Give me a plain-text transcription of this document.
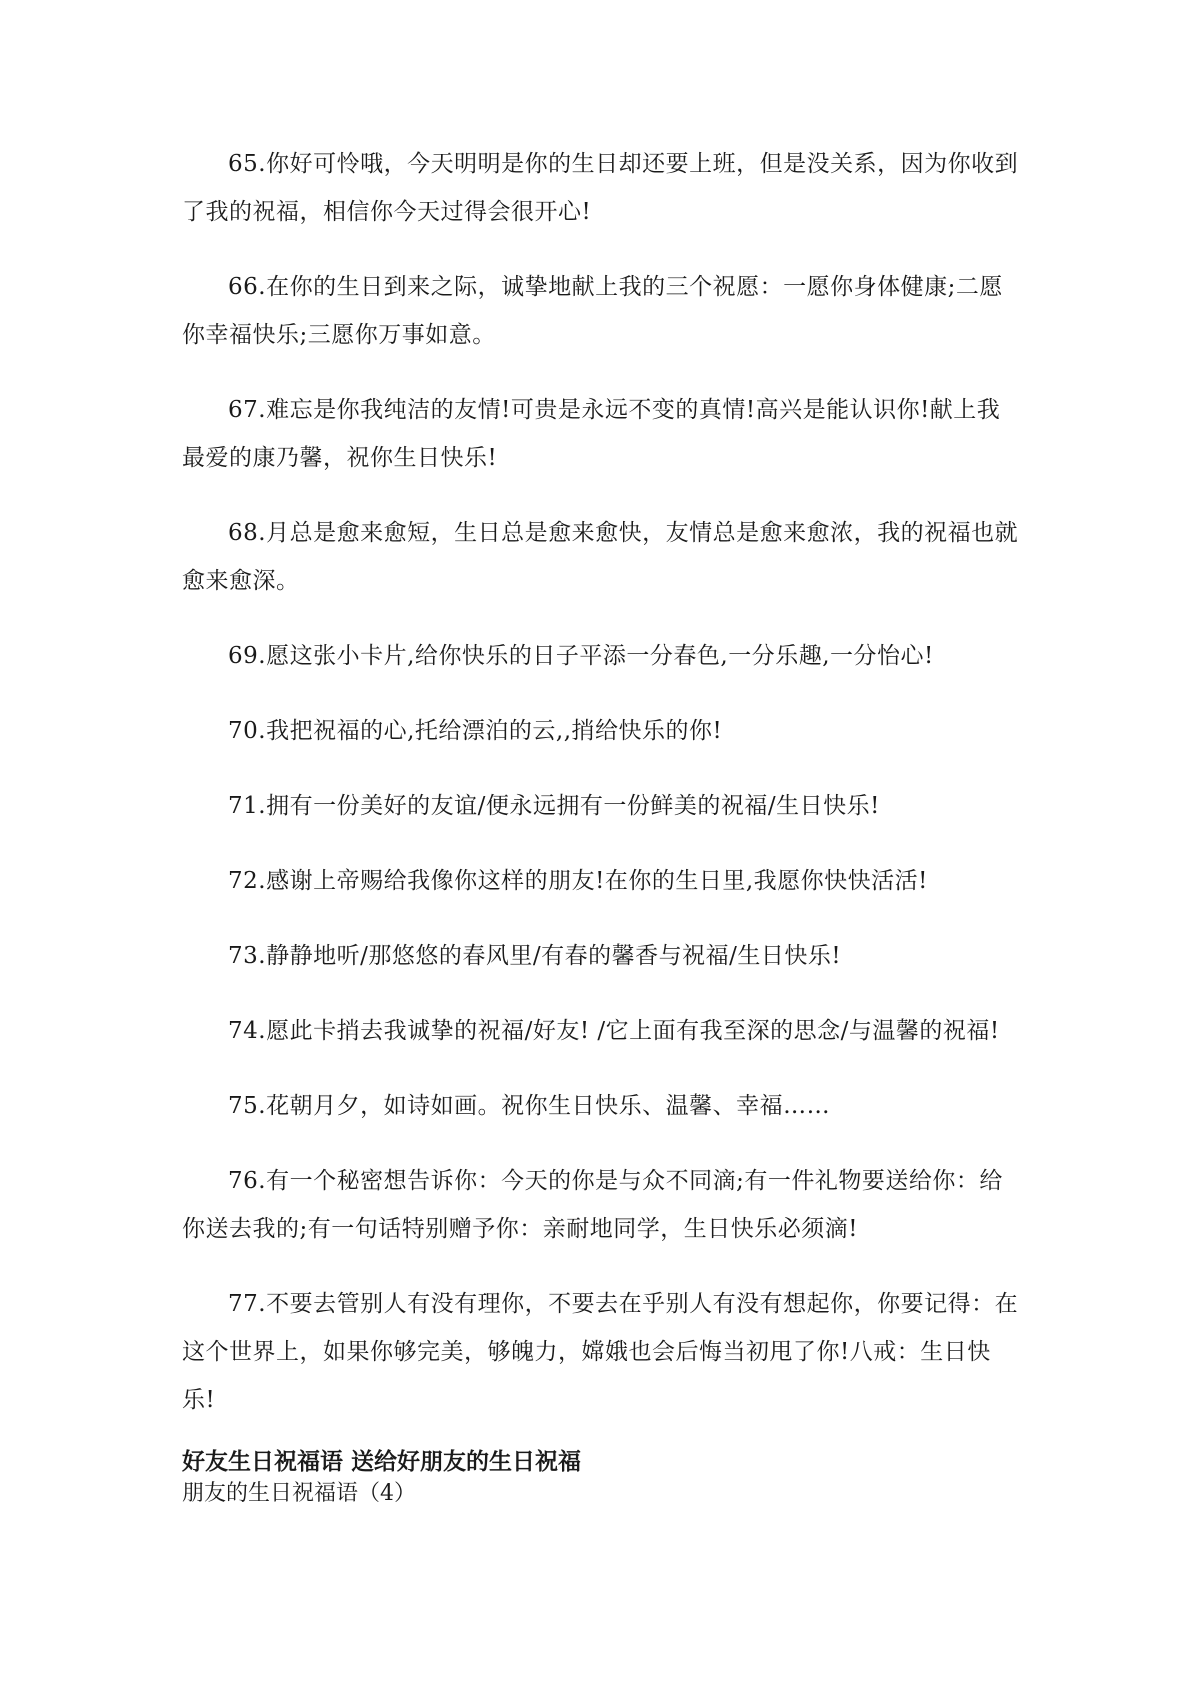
65.你好可怜哦，今天明明是你的生日却还要上班，但是没关系，因为你收到了我的祝福，相信你今天过得会很开心!

66.在你的生日到来之际，诚挚地献上我的三个祝愿：一愿你身体健康;二愿你幸福快乐;三愿你万事如意。

67.难忘是你我纯洁的友情!可贵是永远不变的真情!高兴是能认识你!献上我最爱的康乃馨，祝你生日快乐!

68.月总是愈来愈短，生日总是愈来愈快，友情总是愈来愈浓，我的祝福也就愈来愈深。

69.愿这张小卡片,给你快乐的日子平添一分春色,一分乐趣,一分怡心!

70.我把祝福的心,托给漂泊的云,,捎给快乐的你!

71.拥有一份美好的友谊/便永远拥有一份鲜美的祝福/生日快乐!

72.感谢上帝赐给我像你这样的朋友!在你的生日里,我愿你快快活活!

73.静静地听/那悠悠的春风里/有春的馨香与祝福/生日快乐!

74.愿此卡捎去我诚挚的祝福/好友! /它上面有我至深的思念/与温馨的祝福!

75.花朝月夕，如诗如画。祝你生日快乐、温馨、幸福……

76.有一个秘密想告诉你：今天的你是与众不同滴;有一件礼物要送给你：给你送去我的;有一句话特别赠予你：亲耐地同学，生日快乐必须滴!

77.不要去管别人有没有理你，不要去在乎别人有没有想起你，你要记得：在这个世界上，如果你够完美，够魄力，嫦娥也会后悔当初甩了你!八戒：生日快乐!

好友生日祝福语 送给好朋友的生日祝福

朋友的生日祝福语（4）
